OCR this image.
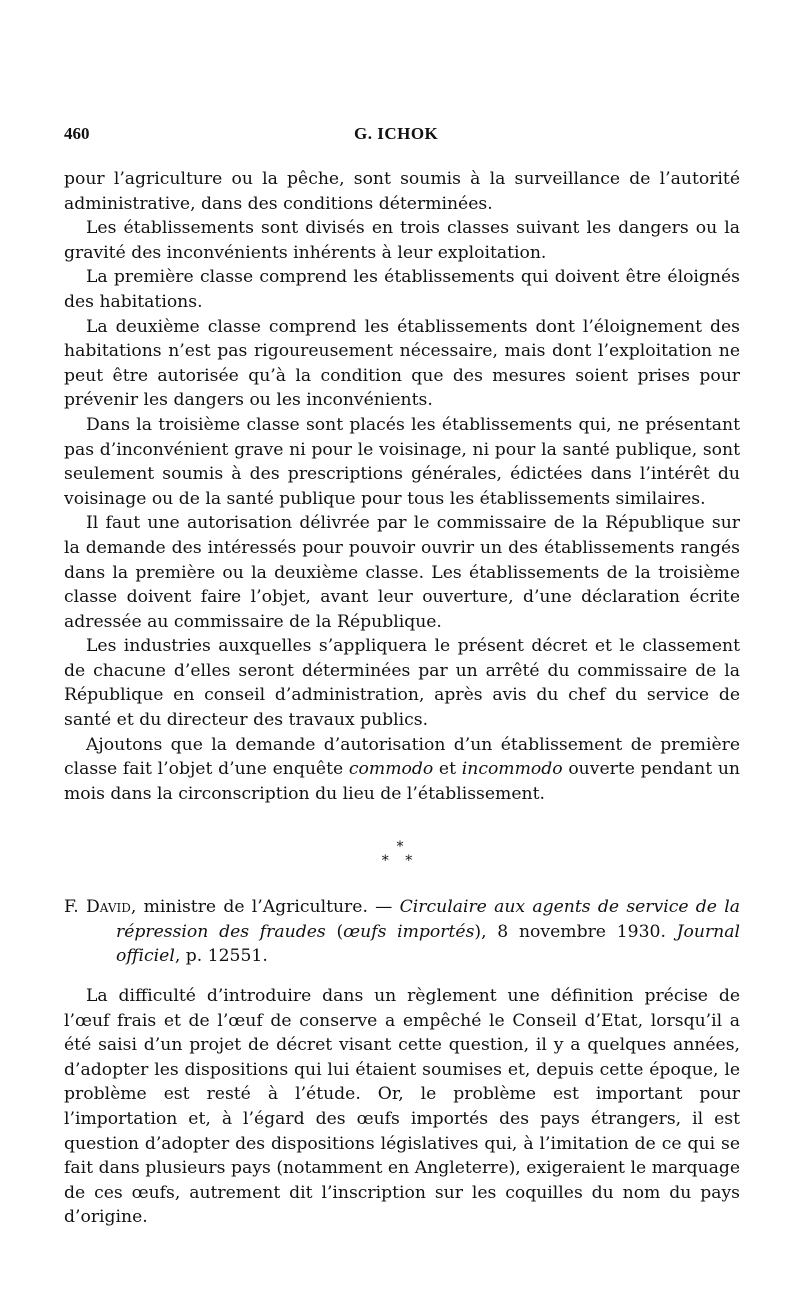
460	G. ICHOK

pour l’agriculture ou la pêche, sont soumis à la surveillance de l’autorité administrative, dans des conditions déterminées.

Les établissements sont divisés en trois classes suivant les dangers ou la gravité des inconvénients inhérents à leur exploitation.

La première classe comprend les établissements qui doivent être éloignés des habitations.

La deuxième classe comprend les établissements dont l’éloignement des habitations n’est pas rigoureusement nécessaire, mais dont l’exploitation ne peut être autorisée qu’à la condition que des mesures soient prises pour prévenir les dangers ou les inconvénients.

Dans la troisième classe sont placés les établissements qui, ne présentant pas d’inconvénient grave ni pour le voisinage, ni pour la santé publique, sont seulement soumis à des prescriptions générales, édictées dans l’intérêt du voisinage ou de la santé publique pour tous les établissements similaires.

Il faut une autorisation délivrée par le commissaire de la République sur la demande des intéressés pour pouvoir ouvrir un des établissements rangés dans la première ou la deuxième classe. Les établissements de la troisième classe doivent faire l’objet, avant leur ouverture, d’une déclaration écrite adressée au commissaire de la République.

Les industries auxquelles s’appliquera le présent décret et le classement de chacune d’elles seront déterminées par un arrêté du commissaire de la République en conseil d’administration, après avis du chef du service de santé et du directeur des travaux publics.

Ajoutons que la demande d’autorisation d’un établissement de première classe fait l’objet d’une enquête commodo et incommodo ouverte pendant un mois dans la circonscription du lieu de l’établissement.

*
* *
F. David, ministre de l’Agriculture. — Circulaire aux agents de service de la répression des fraudes (œufs importés), 8 novembre 1930. Journal officiel, p. 12551.

La difficulté d’introduire dans un règlement une définition précise de l’œuf frais et de l’œuf de conserve a empêché le Conseil d’Etat, lorsqu’il a été saisi d’un projet de décret visant cette question, il y a quelques années, d’adopter les dispositions qui lui étaient soumises et, depuis cette époque, le problème est resté à l’étude. Or, le problème est important pour l’importation et, à l’égard des œufs importés des pays étrangers, il est question d’adopter des dispositions législatives qui, à l’imitation de ce qui se fait dans plusieurs pays (notamment en Angleterre), exigeraient le marquage de ces œufs, autrement dit l’inscription sur les coquilles du nom du pays d’origine.
